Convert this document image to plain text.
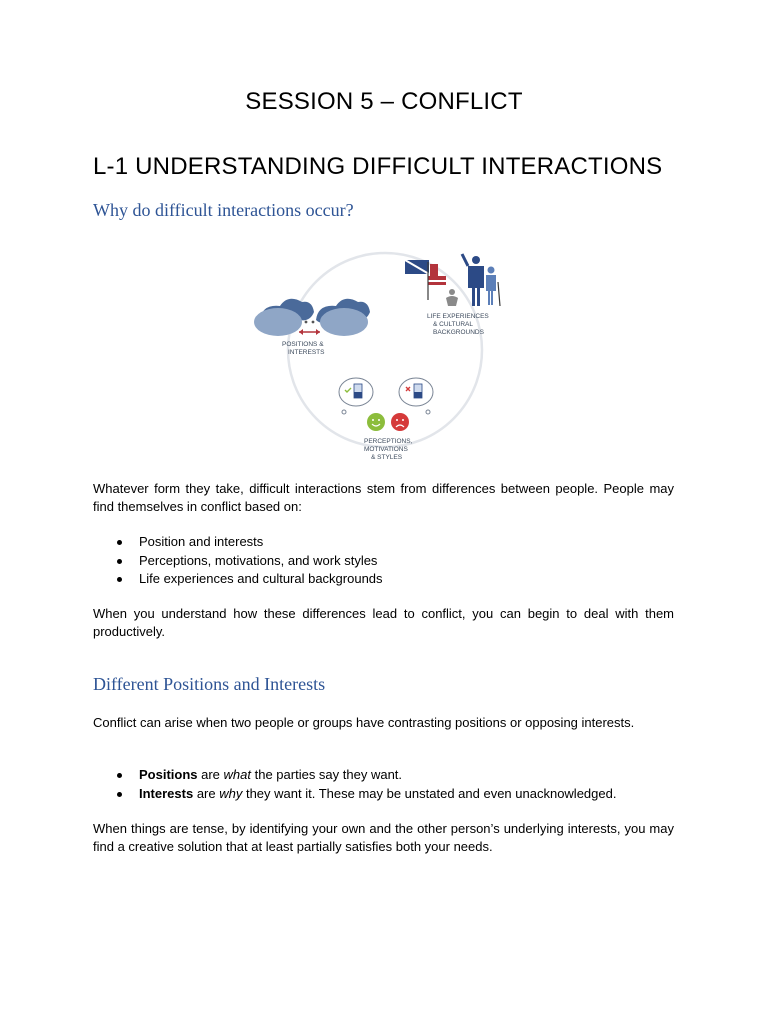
SESSION 5 – CONFLICT
L-1 UNDERSTANDING DIFFICULT INTERACTIONS
Why do difficult interactions occur?
POSITIONS &
INTERESTS
LIFE EXPERIENCES
& CULTURAL
BACKGROUNDS
PERCEPTIONS,
MOTIVATIONS
& STYLES
Whatever form they take, difficult interactions stem from differences between people. People may find themselves in conflict based on:
Position and interests
Perceptions, motivations, and work styles
Life experiences and cultural backgrounds
When you understand how these differences lead to conflict, you can begin to deal with them productively.
Different Positions and Interests
Conflict can arise when two people or groups have contrasting positions or opposing interests.
Positions are what the parties say they want.
Interests are why they want it. These may be unstated and even unacknowledged.
When things are tense, by identifying your own and the other person’s underlying interests, you may find a creative solution that at least partially satisfies both your needs.
